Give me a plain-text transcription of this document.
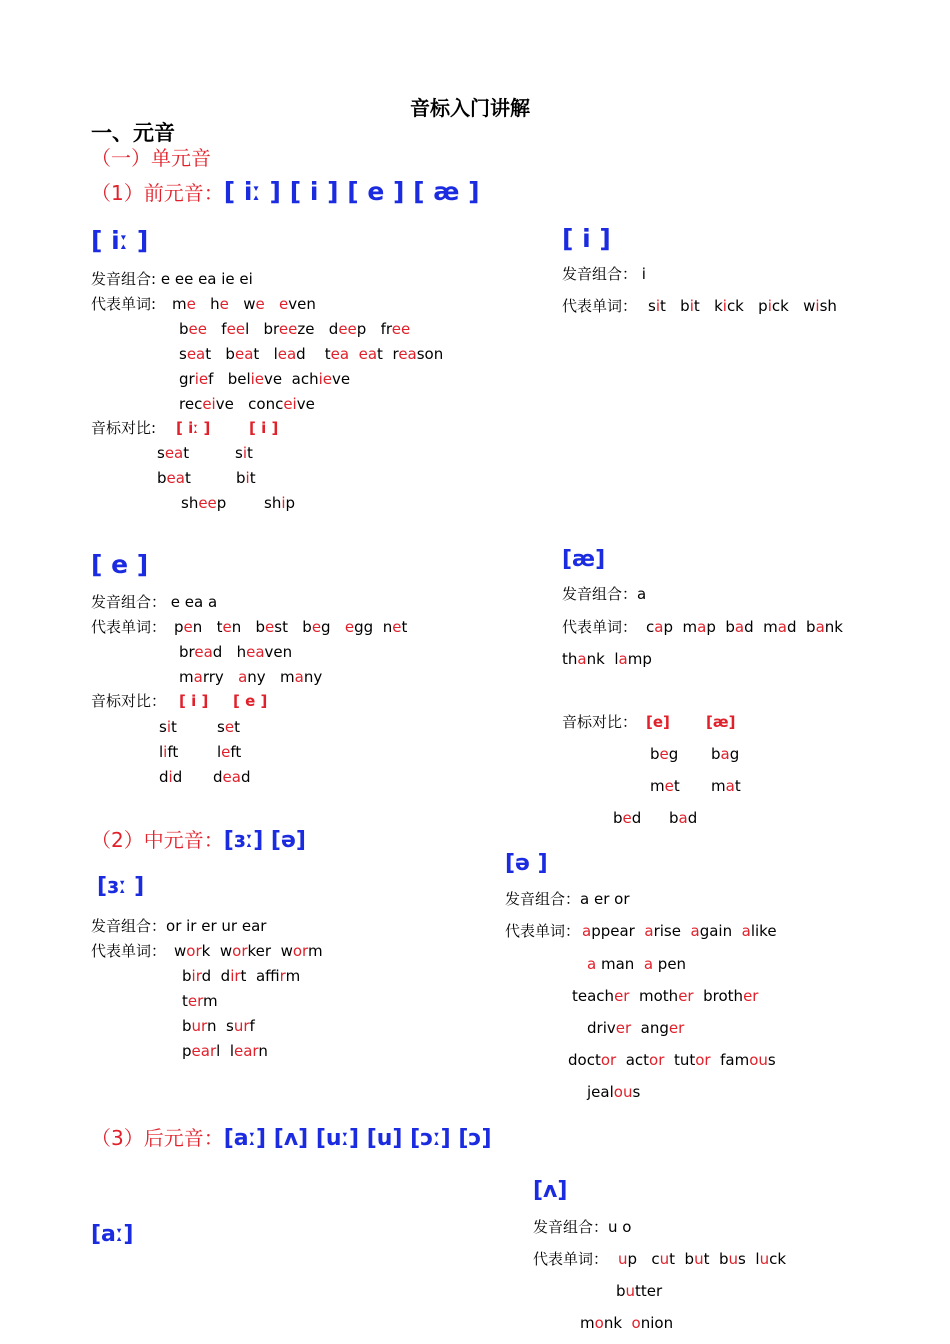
音标入门讲解
一、元音
（一）单元音
（1）前元音：[ iː ] [ i ] [ e ] [ æ ]
[ iː ]
发音组合: e ee ea ie ei
代表单词:
音标对比: [ iː ]	[ i ]
[ i ]
发音组合： i
代表单词：
[ e ]
发音组合： e ea a
代表单词：
音标对比： [ i ] [ e ]
[æ]
发音组合：a
代表单词：
音标对比： [e] [æ]
（2）中元音：[ɜː] [ə]
[ɜː ]
发音组合：or ir er ur ear
代表单词：
[ə ]
发音组合：a er or
代表单词：
（3）后元音：[aː] [ʌ] [uː] [u] [ɔː] [ɔ]
[aː]
[ʌ]
发音组合：u o
代表单词：
me   he   we even
bee   feel   breeze   deep   free
seat   beat   lead    tea eat  reason
grief   believe  achieve
receive   conceive
seat	sit
beat	bit
sheep	ship
sit   bit   kick   pick   wish
pen   ten   best   beg   egg  net
bread   heaven
marry   any   many
sit	set
lift	left
did dead
cap  map  bad  mad  bank
thank  lamp
beg bag
met mat
bed bad
work  worker  worm
bird  dirt  affirm
term
burn  surf
pearl  learn
appear  arise  again  alike
a man  a pen
teacher  mother  brother
driver  anger
doctor  actor  tutor  famous
jealous
up   cut  but  bus  luck
butter
monk  onion
